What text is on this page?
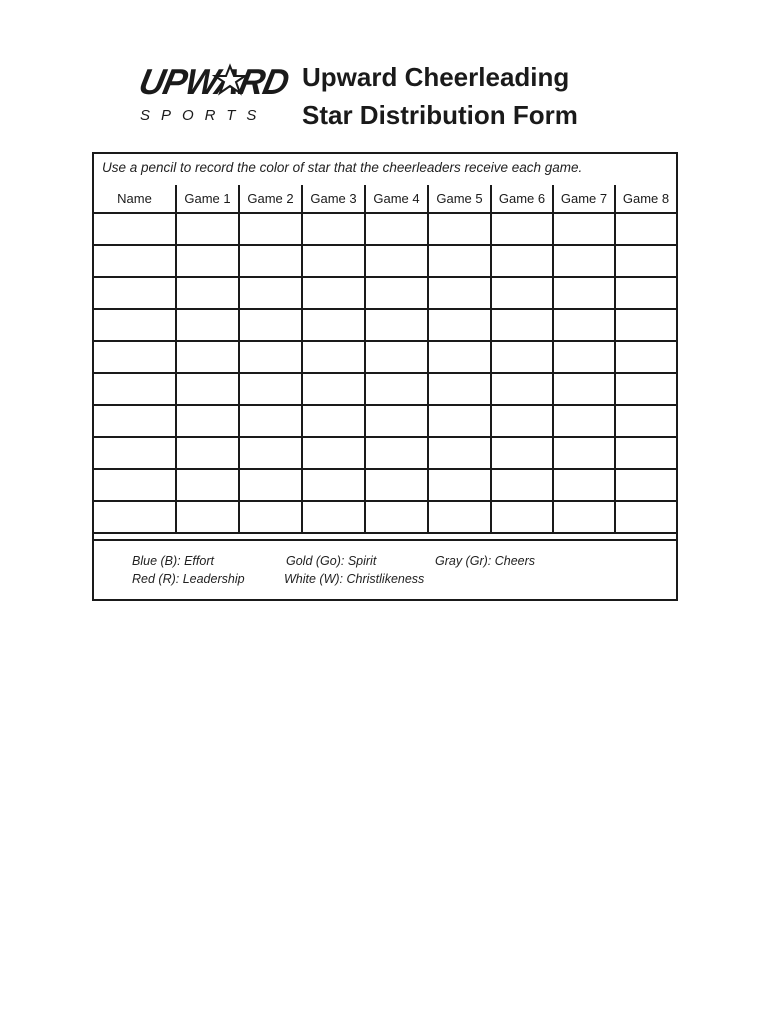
UPWARD
SPORTS
Upward Cheerleading
Star Distribution Form
Use a pencil to record the color of star that the cheerleaders receive each game.
Name	Game 1	Game 2	Game 3	Game 4	Game 5	Game 6	Game 7	Game 8

Blue (B): Effort
Red (R): Leadership
Gold (Go): Spirit
White (W): Christlikeness
Gray (Gr): Cheers
